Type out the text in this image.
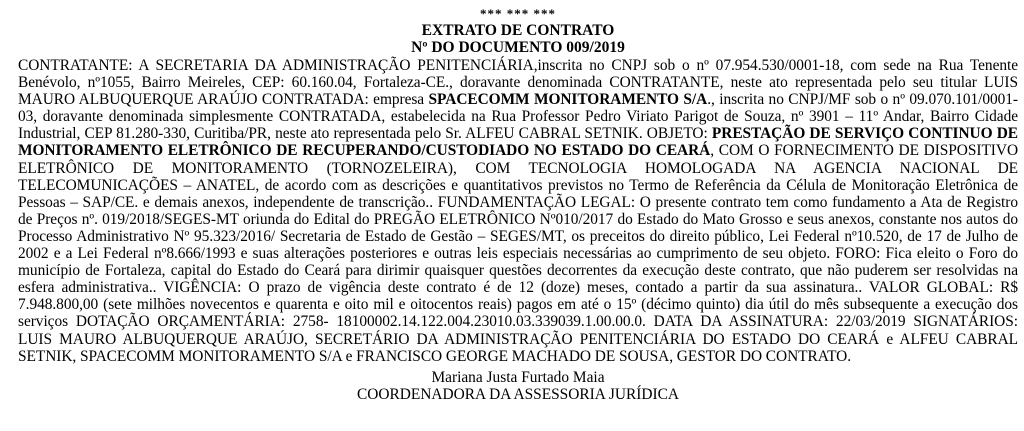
*** *** ***
EXTRATO DE CONTRATO
Nº DO DOCUMENTO 009/2019
CONTRATANTE: A SECRETARIA DA ADMINISTRAÇÃO PENITENCIÁRIA,inscrita no CNPJ sob o nº 07.954.530/0001-18, com sede na Rua Tenente Benévolo, nº1055, Bairro Meireles, CEP: 60.160.04, Fortaleza-CE., doravante denominada CONTRATANTE, neste ato representada pelo seu titular LUIS MAURO ALBUQUERQUE ARAÚJO CONTRATADA: empresa SPACECOMM MONITORAMENTO S/A., inscrita no CNPJ/MF sob o nº 09.070.101/0001-03, doravante denominada simplesmente CONTRATADA, estabelecida na Rua Professor Pedro Viriato Parigot de Souza, nº 3901 – 11º Andar, Bairro Cidade Industrial, CEP 81.280-330, Curitiba/PR, neste ato representada pelo Sr. ALFEU CABRAL SETNIK. OBJETO: PRESTAÇÃO DE SERVIÇO CONTINUO DE MONITORAMENTO ELETRÔNICO DE RECUPERANDO/CUSTODIADO NO ESTADO DO CEARÁ, COM O FORNECIMENTO DE DISPOSITIVO ELETRÔNICO DE MONITORAMENTO (TORNOZELEIRA), COM TECNOLOGIA HOMOLOGADA NA AGENCIA NACIONAL DE TELECOMUNICAÇÕES – ANATEL, de acordo com as descrições e quantitativos previstos no Termo de Referência da Célula de Monitoração Eletrônica de Pessoas – SAP/CE. e demais anexos, independente de transcrição.. FUNDAMENTAÇÃO LEGAL: O presente contrato tem como fundamento a Ata de Registro de Preços nº. 019/2018/SEGES-MT oriunda do Edital do PREGÃO ELETRÔNICO Nº010/2017 do Estado do Mato Grosso e seus anexos, constante nos autos do Processo Administrativo Nº 95.323/2016/ Secretaria de Estado de Gestão – SEGES/MT, os preceitos do direito público, Lei Federal nº10.520, de 17 de Julho de 2002 e a Lei Federal nº8.666/1993 e suas alterações posteriores e outras leis especiais necessárias ao cumprimento de seu objeto. FORO: Fica eleito o Foro do município de Fortaleza, capital do Estado do Ceará para dirimir quaisquer questões decorrentes da execução deste contrato, que não puderem ser resolvidas na esfera administrativa.. VIGÊNCIA: O prazo de vigência deste contrato é de 12 (doze) meses, contado a partir da sua assinatura.. VALOR GLOBAL: R$ 7.948.800,00 (sete milhões novecentos e quarenta e oito mil e oitocentos reais) pagos em até o 15º (décimo quinto) dia útil do mês subsequente a execução dos serviços DOTAÇÃO ORÇAMENTÁRIA: 2758- 18100002.14.122.004.23010.03.339039.1.00.00.0. DATA DA ASSINATURA: 22/03/2019 SIGNATÁRIOS: LUIS MAURO ALBUQUERQUE ARAÚJO, SECRETÁRIO DA ADMINISTRAÇÃO PENITENCIÁRIA DO ESTADO DO CEARÁ e ALFEU CABRAL SETNIK, SPACECOMM MONITORAMENTO S/A e FRANCISCO GEORGE MACHADO DE SOUSA, GESTOR DO CONTRATO.
Mariana Justa Furtado Maia
COORDENADORA DA ASSESSORIA JURÍDICA
